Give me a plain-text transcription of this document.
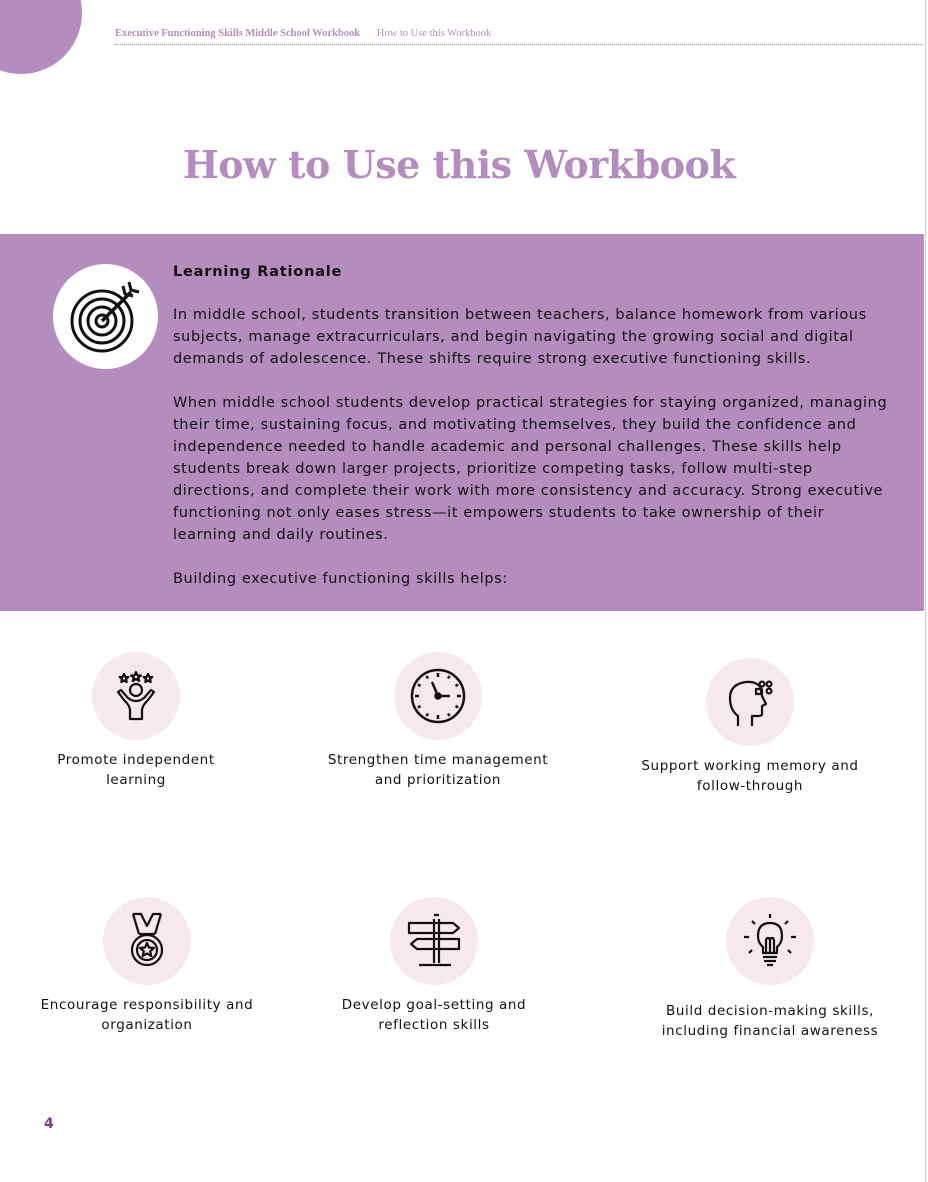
Executive Functioning Skills Middle School Workbook How to Use this Workbook
How to Use this Workbook
Learning Rationale

In middle school, students transition between teachers, balance homework from various subjects, manage extracurriculars, and begin navigating the growing social and digital demands of adolescence. These shifts require strong executive functioning skills.

When middle school students develop practical strategies for staying organized, managing their time, sustaining focus, and motivating themselves, they build the confidence and independence needed to handle academic and personal challenges. These skills help students break down larger projects, prioritize competing tasks, follow multi-step directions, and complete their work with more consistency and accuracy. Strong executive functioning not only eases stress—it empowers students to take ownership of their learning and daily routines.

Building executive functioning skills helps:

Promote independent
learning
Strengthen time management
and prioritization
Support working memory and
follow-through
Encourage responsibility and
organization
Develop goal-setting and
reflection skills
Build decision-making skills,
including financial awareness
4
